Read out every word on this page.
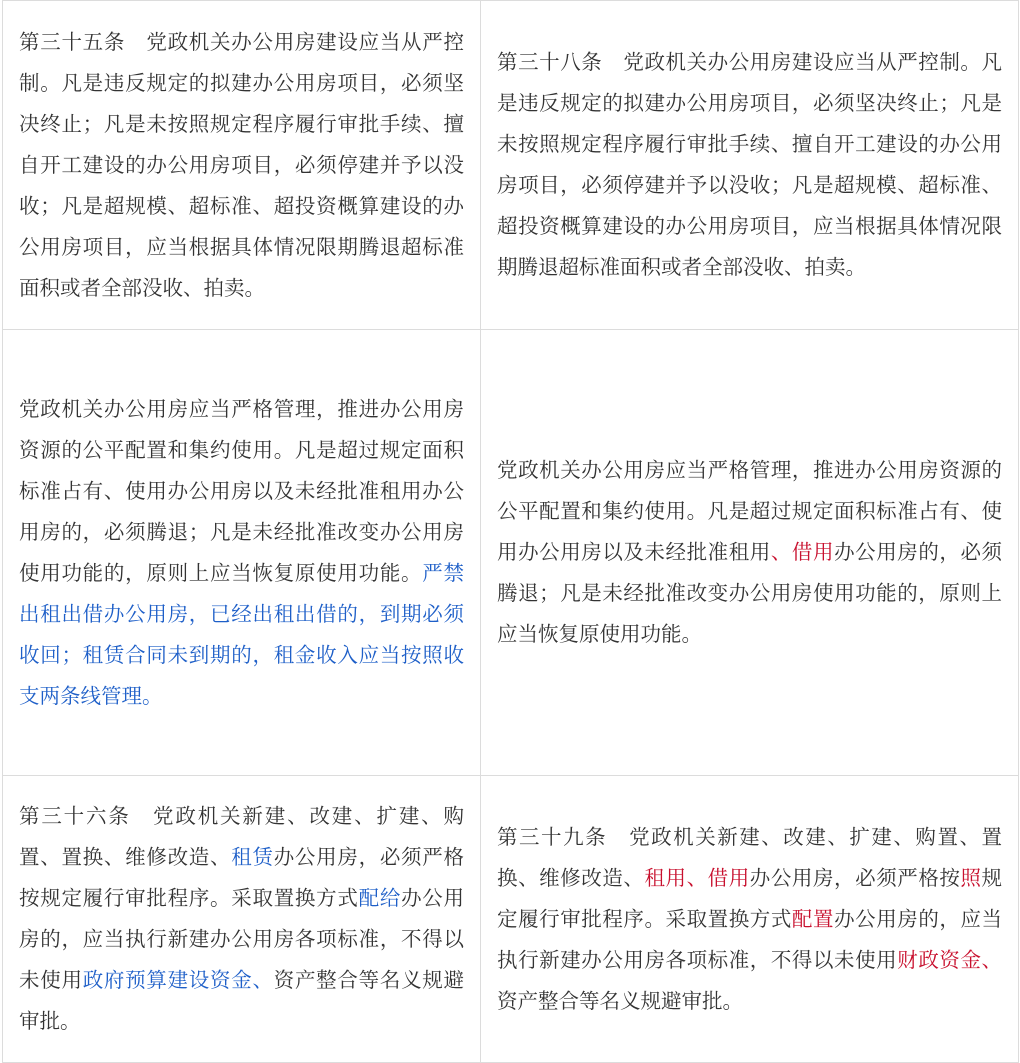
第三十五条　党政机关办公用房建设应当从严控制。凡是违反规定的拟建办公用房项目，必须坚决终止；凡是未按照规定程序履行审批手续、擅自开工建设的办公用房项目，必须停建并予以没收；凡是超规模、超标准、超投资概算建设的办公用房项目，应当根据具体情况限期腾退超标准面积或者全部没收、拍卖。	第三十八条　党政机关办公用房建设应当从严控制。凡是违反规定的拟建办公用房项目，必须坚决终止；凡是未按照规定程序履行审批手续、擅自开工建设的办公用房项目，必须停建并予以没收；凡是超规模、超标准、超投资概算建设的办公用房项目，应当根据具体情况限期腾退超标准面积或者全部没收、拍卖。
党政机关办公用房应当严格管理，推进办公用房资源的公平配置和集约使用。凡是超过规定面积标准占有、使用办公用房以及未经批准租用办公用房的，必须腾退；凡是未经批准改变办公用房使用功能的，原则上应当恢复原使用功能。严禁出租出借办公用房，已经出租出借的，到期必须收回；租赁合同未到期的，租金收入应当按照收支两条线管理。	党政机关办公用房应当严格管理，推进办公用房资源的公平配置和集约使用。凡是超过规定面积标准占有、使用办公用房以及未经批准租用、借用办公用房的，必须腾退；凡是未经批准改变办公用房使用功能的，原则上应当恢复原使用功能。
第三十六条　党政机关新建、改建、扩建、购置、置换、维修改造、租赁办公用房，必须严格按规定履行审批程序。采取置换方式配给办公用房的，应当执行新建办公用房各项标准，不得以未使用政府预算建设资金、资产整合等名义规避审批。	第三十九条　党政机关新建、改建、扩建、购置、置换、维修改造、租用、借用办公用房，必须严格按照规定履行审批程序。采取置换方式配置办公用房的，应当执行新建办公用房各项标准，不得以未使用财政资金、资产整合等名义规避审批。
